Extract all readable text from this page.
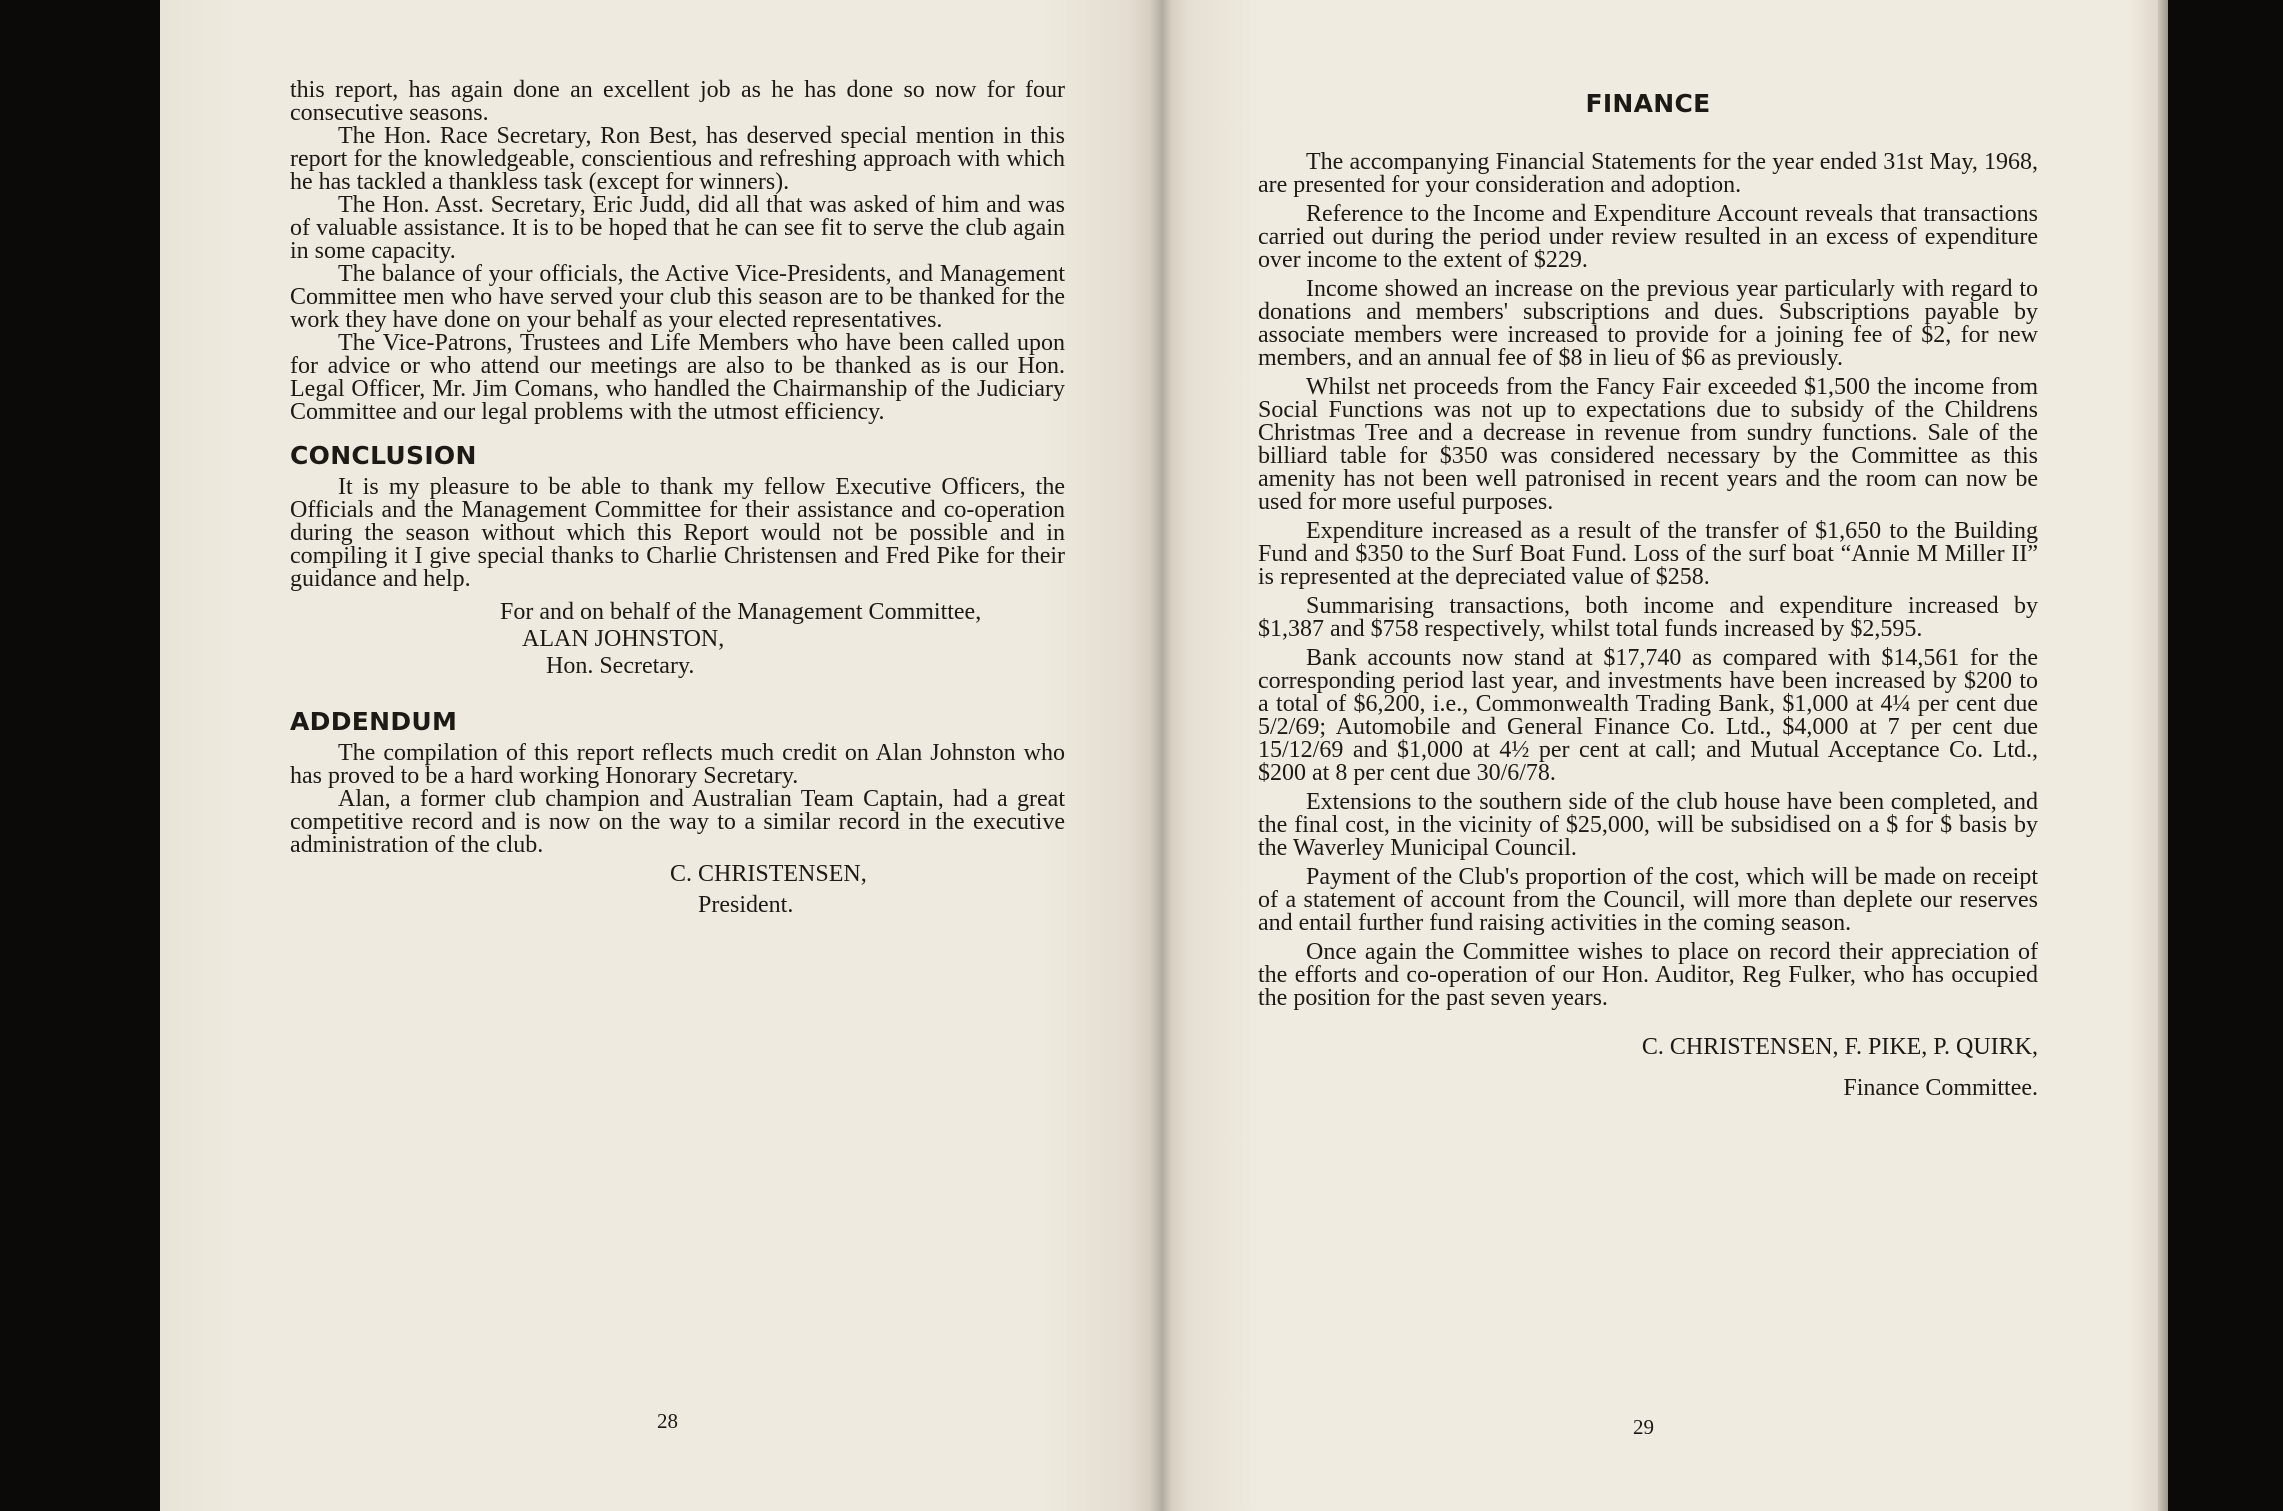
this report, has again done an excellent job as he has done so now for four consecutive seasons.

The Hon. Race Secretary, Ron Best, has deserved special mention in this report for the knowledgeable, conscientious and refreshing approach with which he has tackled a thankless task (except for winners).

The Hon. Asst. Secretary, Eric Judd, did all that was asked of him and was of valuable assistance. It is to be hoped that he can see fit to serve the club again in some capacity.

The balance of your officials, the Active Vice-Presidents, and Management Committee men who have served your club this season are to be thanked for the work they have done on your behalf as your elected representatives.

The Vice-Patrons, Trustees and Life Members who have been called upon for advice or who attend our meetings are also to be thanked as is our Hon. Legal Officer, Mr. Jim Comans, who handled the Chairmanship of the Judiciary Committee and our legal problems with the utmost efficiency.

CONCLUSION

It is my pleasure to be able to thank my fellow Executive Officers, the Officials and the Management Committee for their assistance and co-operation during the season without which this Report would not be possible and in compiling it I give special thanks to Charlie Christensen and Fred Pike for their guidance and help.

For and on behalf of the Management Committee,

ALAN JOHNSTON,

Hon. Secretary.

ADDENDUM

The compilation of this report reflects much credit on Alan Johnston who has proved to be a hard working Honorary Secretary.

Alan, a former club champion and Australian Team Captain, had a great competitive record and is now on the way to a similar record in the executive administration of the club.

C. CHRISTENSEN,

President.

28
FINANCE

The accompanying Financial Statements for the year ended 31st May, 1968, are presented for your consideration and adoption.

Reference to the Income and Expenditure Account reveals that transactions carried out during the period under review resulted in an excess of expenditure over income to the extent of $229.

Income showed an increase on the previous year particularly with regard to donations and members' subscriptions and dues. Subscriptions payable by associate members were increased to provide for a joining fee of $2, for new members, and an annual fee of $8 in lieu of $6 as previously.

Whilst net proceeds from the Fancy Fair exceeded $1,500 the income from Social Functions was not up to expectations due to subsidy of the Childrens Christmas Tree and a decrease in revenue from sundry functions. Sale of the billiard table for $350 was considered necessary by the Committee as this amenity has not been well patronised in recent years and the room can now be used for more useful purposes.

Expenditure increased as a result of the transfer of $1,650 to the Building Fund and $350 to the Surf Boat Fund. Loss of the surf boat “Annie M Miller II” is represented at the depreciated value of $258.

Summarising transactions, both income and expenditure increased by $1,387 and $758 respectively, whilst total funds increased by $2,595.

Bank accounts now stand at $17,740 as compared with $14,561 for the corresponding period last year, and investments have been increased by $200 to a total of $6,200, i.e., Commonwealth Trading Bank, $1,000 at 4¼ per cent due 5/2/69; Automobile and General Finance Co. Ltd., $4,000 at 7 per cent due 15/12/69 and $1,000 at 4½ per cent at call; and Mutual Acceptance Co. Ltd., $200 at 8 per cent due 30/6/78.

Extensions to the southern side of the club house have been completed, and the final cost, in the vicinity of $25,000, will be subsidised on a $ for $ basis by the Waverley Municipal Council.

Payment of the Club's proportion of the cost, which will be made on receipt of a statement of account from the Council, will more than deplete our reserves and entail further fund raising activities in the coming season.

Once again the Committee wishes to place on record their appreciation of the efforts and co-operation of our Hon. Auditor, Reg Fulker, who has occupied the position for the past seven years.

C. CHRISTENSEN, F. PIKE, P. QUIRK,

Finance Committee.

29
